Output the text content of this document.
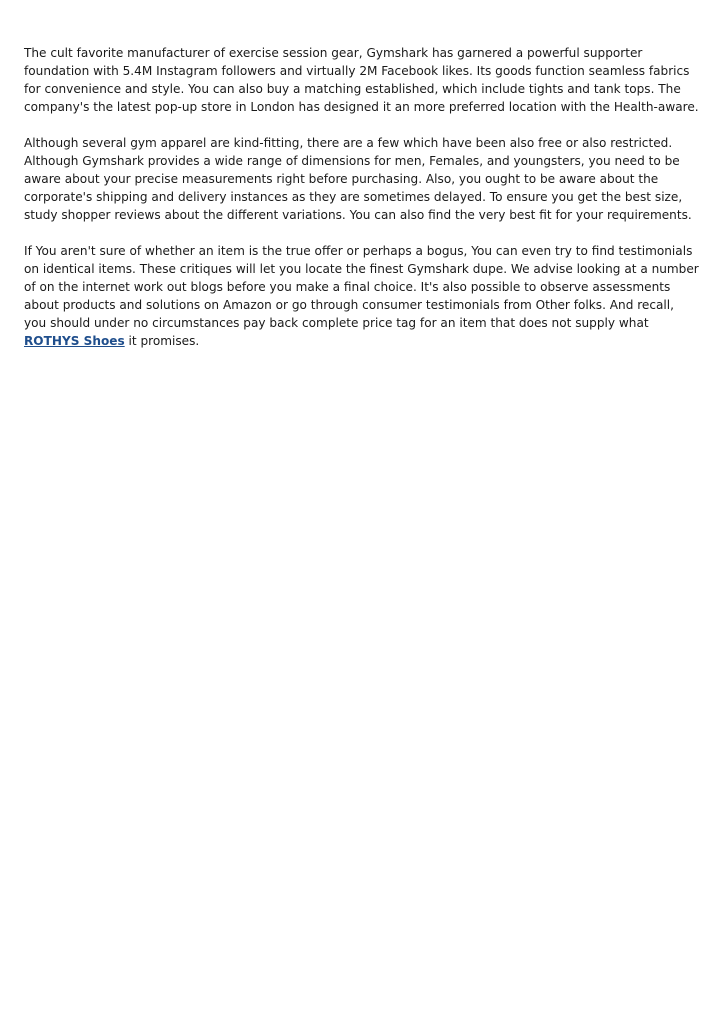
The cult favorite manufacturer of exercise session gear, Gymshark has garnered a powerful supporter foundation with 5.4M Instagram followers and virtually 2M Facebook likes. Its goods function seamless fabrics for convenience and style. You can also buy a matching established, which include tights and tank tops. The company's the latest pop-up store in London has designed it an more preferred location with the Health-aware.

Although several gym apparel are kind-fitting, there are a few which have been also free or also restricted. Although Gymshark provides a wide range of dimensions for men, Females, and youngsters, you need to be aware about your precise measurements right before purchasing. Also, you ought to be aware about the corporate's shipping and delivery instances as they are sometimes delayed. To ensure you get the best size, study shopper reviews about the different variations. You can also find the very best fit for your requirements.

If You aren't sure of whether an item is the true offer or perhaps a bogus, You can even try to find testimonials on identical items. These critiques will let you locate the finest Gymshark dupe. We advise looking at a number of on the internet work out blogs before you make a final choice. It's also possible to observe assessments about products and solutions on Amazon or go through consumer testimonials from Other folks. And recall, you should under no circumstances pay back complete price tag for an item that does not supply what ROTHYS Shoes it promises.
